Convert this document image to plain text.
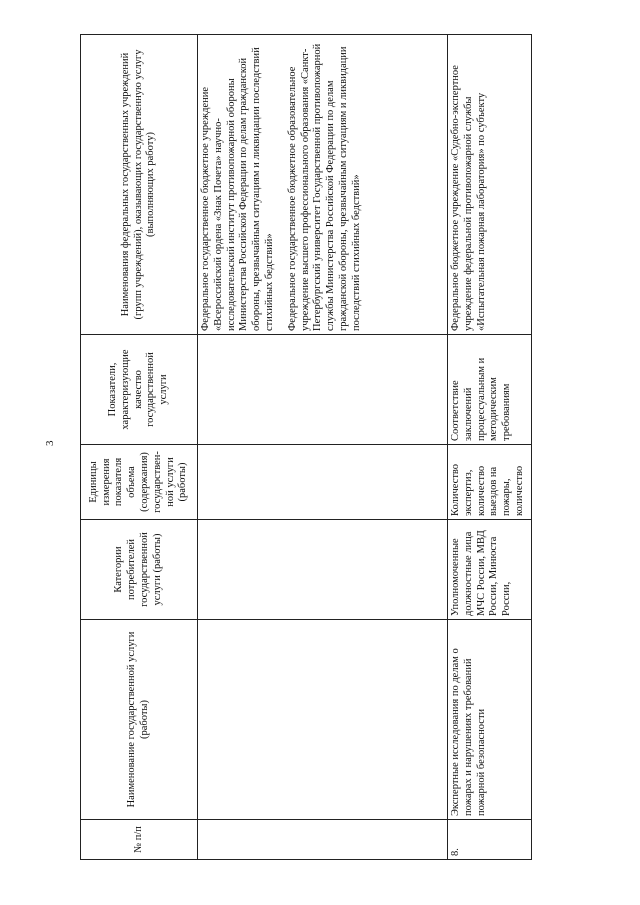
3
№ п/п	Наименование государственной услуги (работы)	Категории потребителей государственной услуги (работы)	Единицы измерения показателя объема (содержания) государствен-ной услуги (работы)	Показатели, характеризующие качество государственной услуги	Наименования федеральных государственных учреждений (групп учреждений), оказывающих государственную услугу (выполняющих работу)

					Федеральное государственное бюджетное учреждение «Всероссийский ордена «Знак Почета» научно-исследовательский институт противопожарной обороны Министерства Российской Федерации по делам гражданской обороны, чрезвычайным ситуациям и ликвидации последствий стихийных бедствий» Федеральное государственное бюджетное образовательное учреждение высшего профессионального образования «Санкт-Петербургский университет Государственной противопожарной службы Министерства Российской Федерации по делам гражданской обороны, чрезвычайным ситуациям и ликвидации последствий стихийных бедствий»

8.	Экспертные исследования по делам о пожарах и нарушениях требований пожарной безопасности	Уполномоченные должностные лица МЧС России, МВД России, Минюста России,	Количество экспертиз, количество выездов на пожары, количество	Соответствие заключений процессуальным и методическим требованиям	Федеральное бюджетное учреждение «Судебно-экспертное учреждение федеральной противопожарной службы «Испытательная пожарная лаборатория» по субъекту
